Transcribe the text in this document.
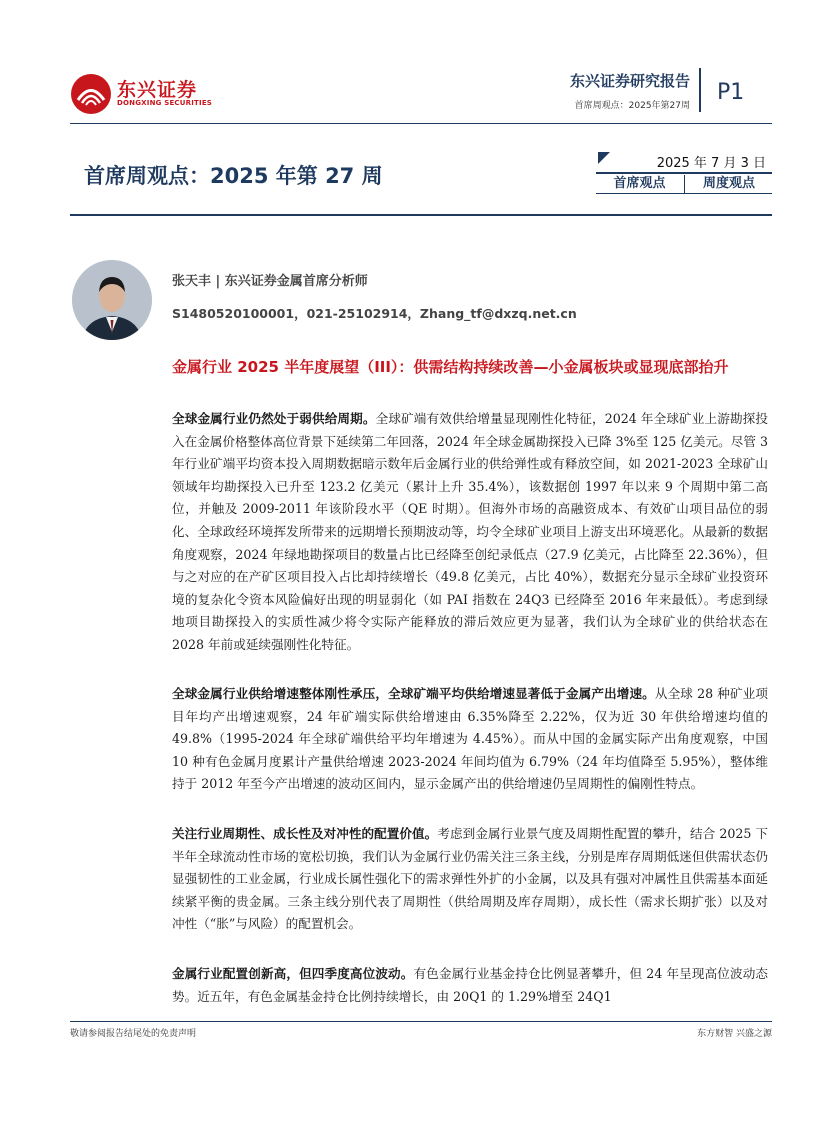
东兴证券
DONGXING SECURITIES
东兴证券研究报告
首席周观点：2025年第27周
P1
首席周观点：2025 年第 27 周
2025 年 7 月 3 日
首席观点	周度观点
张天丰 | 东兴证券金属首席分析师
S1480520100001，021-25102914，Zhang_tf@dxzq.net.cn
金属行业 2025 半年度展望（III）：供需结构持续改善—小金属板块或显现底部抬升
全球金属行业仍然处于弱供给周期。全球矿端有效供给增量显现刚性化特征，2024 年全球矿业上游勘探投入在金属价格整体高位背景下延续第二年回落，2024 年全球金属勘探投入已降 3%至 125 亿美元。尽管 3 年行业矿端平均资本投入周期数据暗示数年后金属行业的供给弹性或有释放空间，如 2021-2023 全球矿山领域年均勘探投入已升至 123.2 亿美元（累计上升 35.4%），该数据创 1997 年以来 9 个周期中第二高位，并触及 2009-2011 年该阶段水平（QE 时期）。但海外市场的高融资成本、有效矿山项目品位的弱化、全球政经环境挥发所带来的远期增长预期波动等，均令全球矿业项目上游支出环境恶化。从最新的数据角度观察，2024 年绿地勘探项目的数量占比已经降至创纪录低点（27.9 亿美元，占比降至 22.36%），但与之对应的在产矿区项目投入占比却持续增长（49.8 亿美元，占比 40%），数据充分显示全球矿业投资环境的复杂化令资本风险偏好出现的明显弱化（如 PAI 指数在 24Q3 已经降至 2016 年来最低）。考虑到绿地项目勘探投入的实质性减少将令实际产能释放的滞后效应更为显著，我们认为全球矿业的供给状态在 2028 年前或延续强刚性化特征。
全球金属行业供给增速整体刚性承压，全球矿端平均供给增速显著低于金属产出增速。从全球 28 种矿业项目年均产出增速观察，24 年矿端实际供给增速由 6.35%降至 2.22%，仅为近 30 年供给增速均值的 49.8%（1995-2024 年全球矿端供给平均年增速为 4.45%）。而从中国的金属实际产出角度观察，中国 10 种有色金属月度累计产量供给增速 2023-2024 年间均值为 6.79%（24 年均值降至 5.95%），整体维持于 2012 年至今产出增速的波动区间内，显示金属产出的供给增速仍呈周期性的偏刚性特点。
关注行业周期性、成长性及对冲性的配置价值。考虑到金属行业景气度及周期性配置的攀升，结合 2025 下半年全球流动性市场的宽松切换，我们认为金属行业仍需关注三条主线，分别是库存周期低迷但供需状态仍显强韧性的工业金属，行业成长属性强化下的需求弹性外扩的小金属，以及具有强对冲属性且供需基本面延续紧平衡的贵金属。三条主线分别代表了周期性（供给周期及库存周期），成长性（需求长期扩张）以及对冲性（“胀”与风险）的配置机会。
金属行业配置创新高，但四季度高位波动。有色金属行业基金持仓比例显著攀升，但 24 年呈现高位波动态势。近五年，有色金属基金持仓比例持续增长，由 20Q1 的 1.29%增至 24Q1
敬请参阅报告结尾处的免责声明	东方财智 兴盛之源
